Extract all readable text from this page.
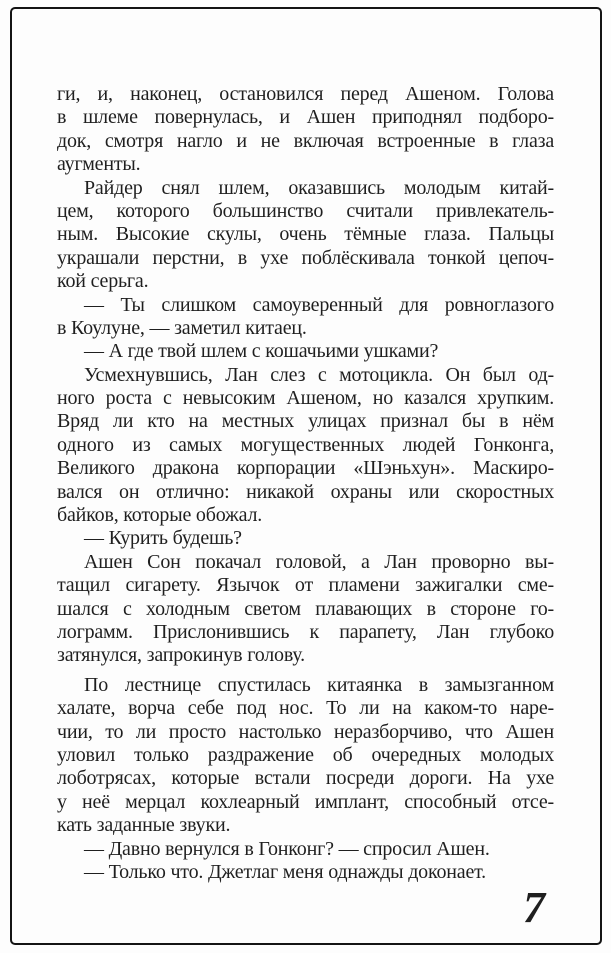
ги, и, наконец, остановился перед Ашеном. Голова
в шлеме повернулась, и Ашен приподнял подборо-
док, смотря нагло и не включая встроенные в глаза
аугменты.
Райдер снял шлем, оказавшись молодым китай-
цем, которого большинство считали привлекатель-
ным. Высокие скулы, очень тёмные глаза. Пальцы
украшали перстни, в ухе поблёскивала тонкой цепоч-
кой серьга.
— Ты слишком самоуверенный для ровноглазого
в Коулуне, — заметил китаец.
— А где твой шлем с кошачьими ушками?
Усмехнувшись, Лан слез с мотоцикла. Он был од-
ного роста с невысоким Ашеном, но казался хрупким.
Вряд ли кто на местных улицах признал бы в нём
одного из самых могущественных людей Гонконга,
Великого дракона корпорации «Шэньхун». Маскиро-
вался он отлично: никакой охраны или скоростных
байков, которые обожал.
— Курить будешь?
Ашен Сон покачал головой, а Лан проворно вы-
тащил сигарету. Язычок от пламени зажигалки сме-
шался с холодным светом плавающих в стороне го-
лограмм. Прислонившись к парапету, Лан глубоко
затянулся, запрокинув голову.
По лестнице спустилась китаянка в замызганном
халате, ворча себе под нос. То ли на каком-то наре-
чии, то ли просто настолько неразборчиво, что Ашен
уловил только раздражение об очередных молодых
лоботрясах, которые встали посреди дороги. На ухе
у неё мерцал кохлеарный имплант, способный отсе-
кать заданные звуки.
— Давно вернулся в Гонконг? — спросил Ашен.
— Только что. Джетлаг меня однажды доконает.
7
